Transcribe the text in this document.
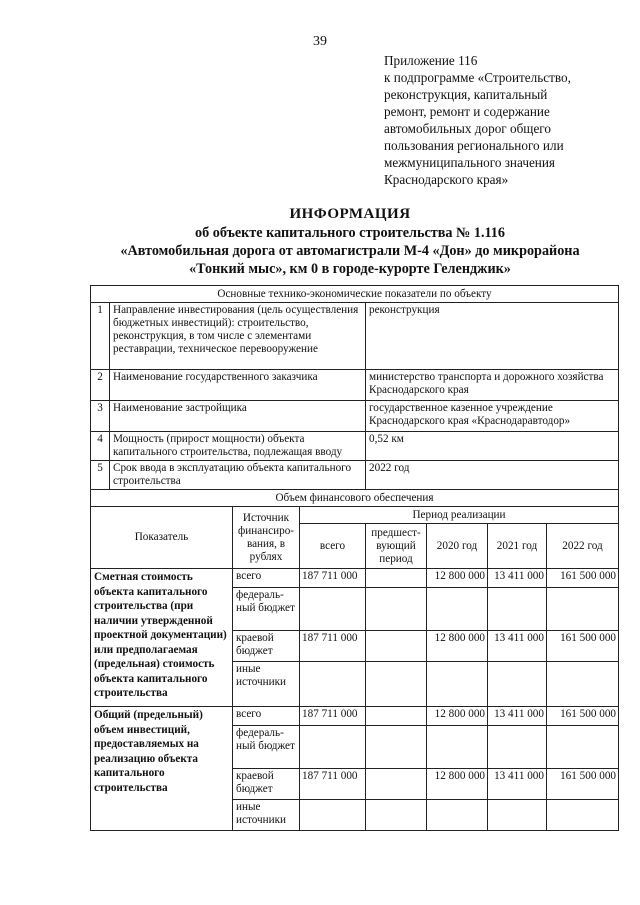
39
Приложение 116
к подпрограмме «Строительство,
реконструкция, капитальный
ремонт, ремонт и содержание
автомобильных дорог общего
пользования регионального или
межмуниципального значения
Краснодарского края»
ИНФОРМАЦИЯ
об объекте капитального строительства № 1.116
«Автомобильная дорога от автомагистрали М-4 «Дон» до микрорайона
«Тонкий мыс», км 0 в городе-курорте Геленджик»
Основные технико-экономические показатели по объекту							
1	Направление инвестирования (цель осуществления бюджетных инвестиций): строительство, реконструкция, в том числе с элементами реставрации, техническое перевооружение			реконструкция			
2	Наименование государственного заказчика			министерство транспорта и дорожного хозяйства Краснодарского края			
3	Наименование застройщика			государственное казенное учреждение Краснодарского края «Краснодаравтодор»			
4	Мощность (прирост мощности) объекта капитального строительства, подлежащая вводу			0,52 км			
5	Срок ввода в эксплуатацию объекта капитального строительства			2022 год			
Объем финансового обеспечения							
Показатель		Источник финансиро-вания, в рублях	Период реализации				
			всего	предшест-вующий период	2020 год	2021 год	2022 год
Сметная стоимость объекта капитального строительства (при наличии утвержденной проектной документации) или предполагаемая (предельная) стоимость объекта капитального строительства		всего	187 711 000		12 800 000	13 411 000	161 500 000
		федераль-ный бюджет					
		краевой бюджет	187 711 000		12 800 000	13 411 000	161 500 000
		иные источники					
Общий (предельный) объем инвестиций, предоставляемых на реализацию объекта капитального строительства		всего	187 711 000		12 800 000	13 411 000	161 500 000
		федераль-ный бюджет					
		краевой бюджет	187 711 000		12 800 000	13 411 000	161 500 000
		иные источники					
